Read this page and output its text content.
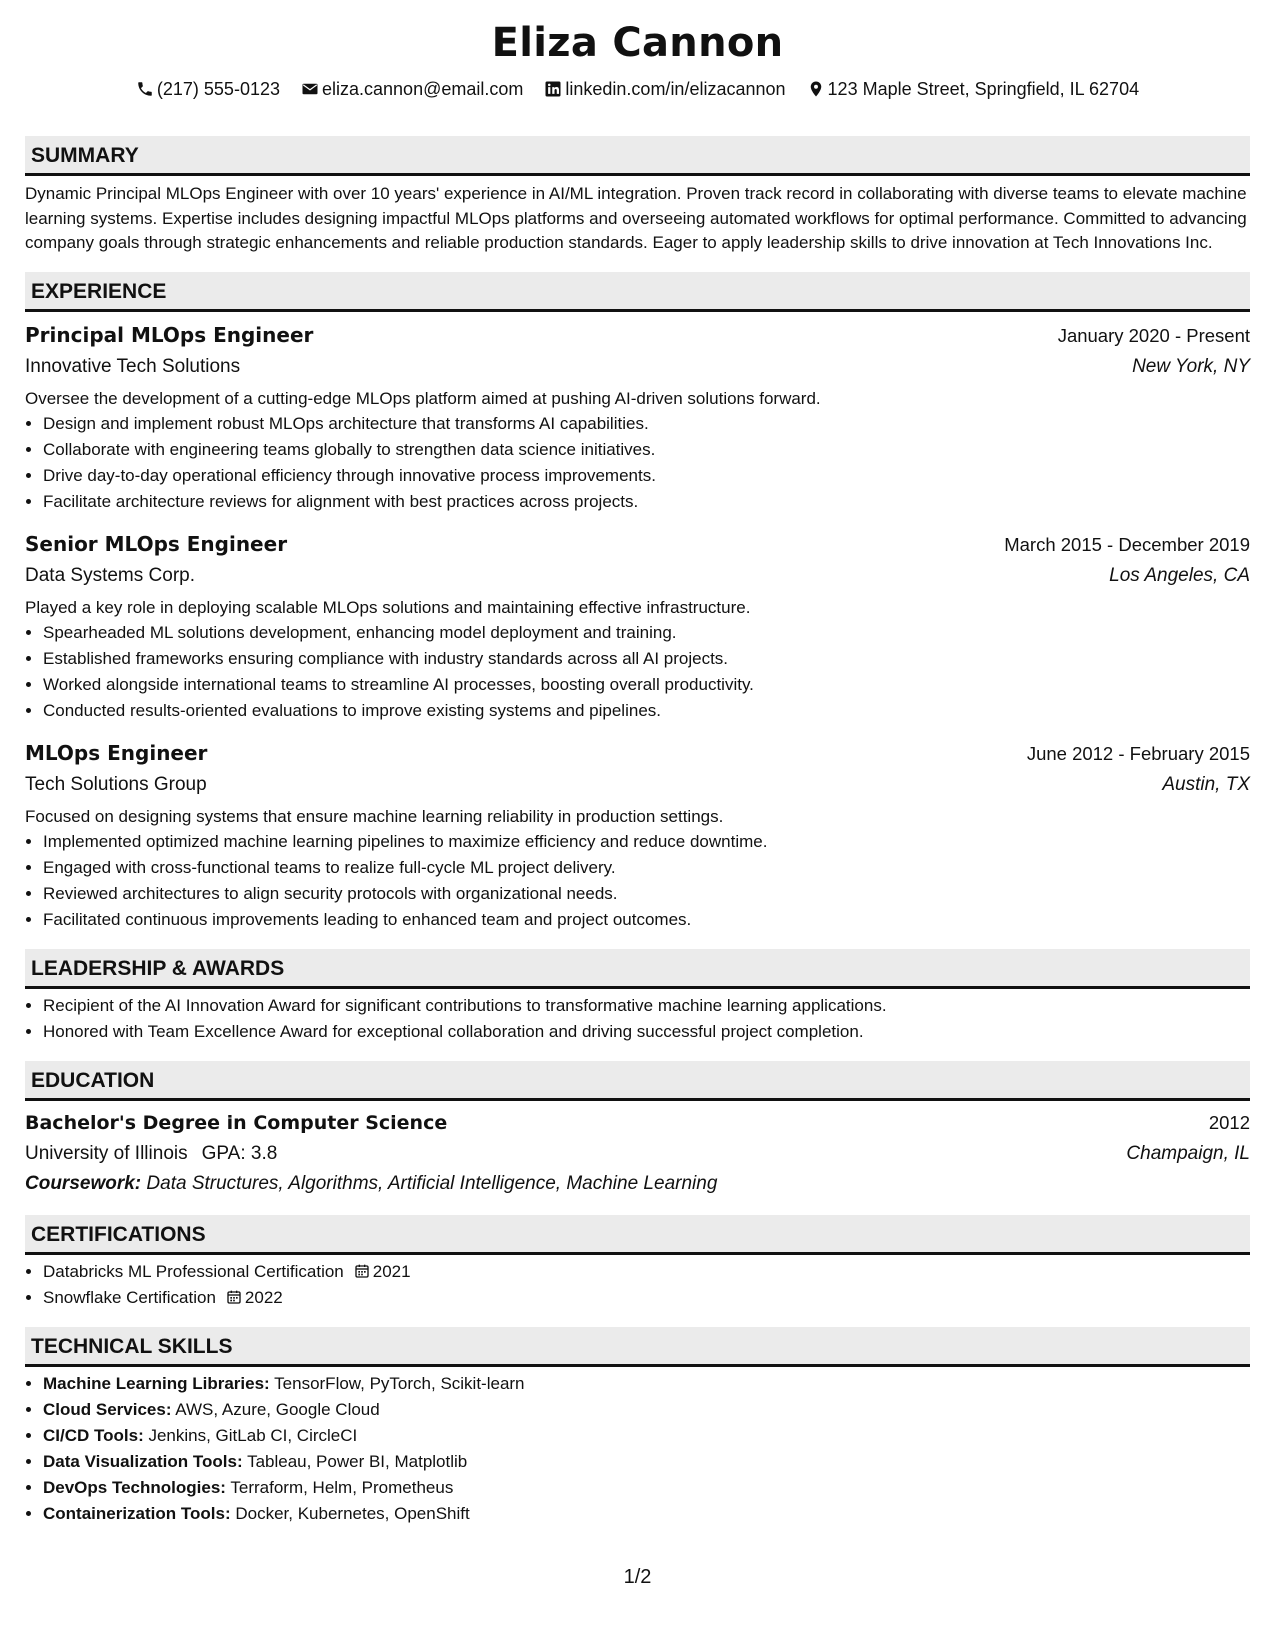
Eliza Cannon
(217) 555-0123 eliza.cannon@email.com linkedin.com/in/elizacannon 123 Maple Street, Springfield, IL 62704
SUMMARY
Dynamic Principal MLOps Engineer with over 10 years' experience in AI/ML integration. Proven track record in collaborating with diverse teams to elevate machine learning systems. Expertise includes designing impactful MLOps platforms and overseeing automated workflows for optimal performance. Committed to advancing company goals through strategic enhancements and reliable production standards. Eager to apply leadership skills to drive innovation at Tech Innovations Inc.
EXPERIENCE
Principal MLOps Engineer	January 2020 - Present
Innovative Tech Solutions	New York, NY
Oversee the development of a cutting-edge MLOps platform aimed at pushing AI-driven solutions forward.
• Design and implement robust MLOps architecture that transforms AI capabilities.
• Collaborate with engineering teams globally to strengthen data science initiatives.
• Drive day-to-day operational efficiency through innovative process improvements.
• Facilitate architecture reviews for alignment with best practices across projects.
Senior MLOps Engineer	March 2015 - December 2019
Data Systems Corp.	Los Angeles, CA
Played a key role in deploying scalable MLOps solutions and maintaining effective infrastructure.
• Spearheaded ML solutions development, enhancing model deployment and training.
• Established frameworks ensuring compliance with industry standards across all AI projects.
• Worked alongside international teams to streamline AI processes, boosting overall productivity.
• Conducted results-oriented evaluations to improve existing systems and pipelines.
MLOps Engineer	June 2012 - February 2015
Tech Solutions Group	Austin, TX
Focused on designing systems that ensure machine learning reliability in production settings.
• Implemented optimized machine learning pipelines to maximize efficiency and reduce downtime.
• Engaged with cross-functional teams to realize full-cycle ML project delivery.
• Reviewed architectures to align security protocols with organizational needs.
• Facilitated continuous improvements leading to enhanced team and project outcomes.
LEADERSHIP & AWARDS
• Recipient of the AI Innovation Award for significant contributions to transformative machine learning applications.
• Honored with Team Excellence Award for exceptional collaboration and driving successful project completion.
EDUCATION
Bachelor's Degree in Computer Science	2012
University of Illinois GPA: 3.8	Champaign, IL
Coursework: Data Structures, Algorithms, Artificial Intelligence, Machine Learning
CERTIFICATIONS
• Databricks ML Professional Certification 2021
• Snowflake Certification 2022
TECHNICAL SKILLS
• Machine Learning Libraries: TensorFlow, PyTorch, Scikit-learn
• Cloud Services: AWS, Azure, Google Cloud
• CI/CD Tools: Jenkins, GitLab CI, CircleCI
• Data Visualization Tools: Tableau, Power BI, Matplotlib
• DevOps Technologies: Terraform, Helm, Prometheus
• Containerization Tools: Docker, Kubernetes, OpenShift
1/2
